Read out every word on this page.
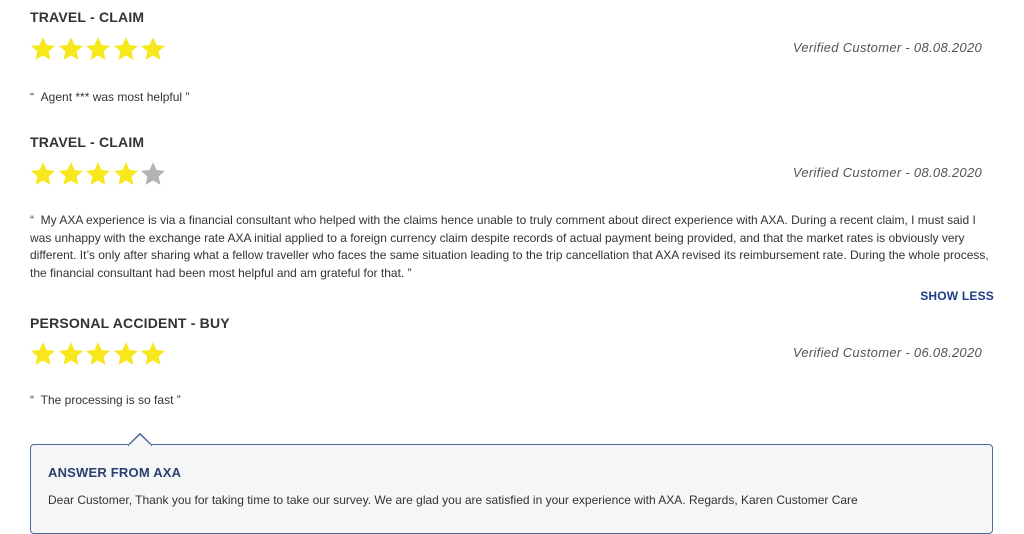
TRAVEL - CLAIM
Verified Customer - 08.08.2020
“ Agent *** was most helpful ”
TRAVEL - CLAIM
Verified Customer - 08.08.2020
“ My AXA experience is via a financial consultant who helped with the claims hence unable to truly comment about direct experience with AXA. During a recent claim, I must said I was unhappy with the exchange rate AXA initial applied to a foreign currency claim despite records of actual payment being provided, and that the market rates is obviously very different. It’s only after sharing what a fellow traveller who faces the same situation leading to the trip cancellation that AXA revised its reimbursement rate. During the whole process, the financial consultant had been most helpful and am grateful for that. ”
SHOW LESS
PERSONAL ACCIDENT - BUY
Verified Customer - 06.08.2020
“ The processing is so fast ”
ANSWER FROM AXA
Dear Customer, Thank you for taking time to take our survey. We are glad you are satisfied in your experience with AXA. Regards, Karen Customer Care
